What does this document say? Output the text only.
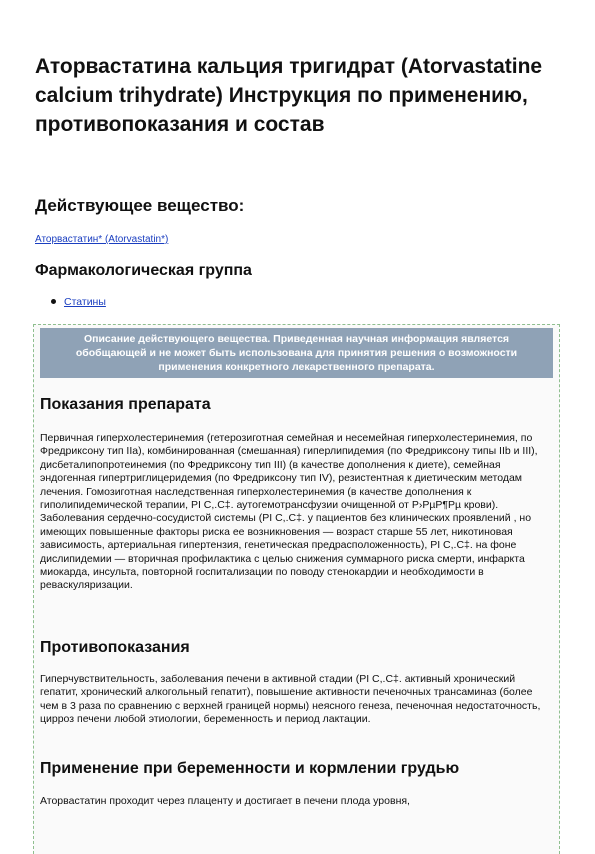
Аторвастатина кальция тригидрат (Atorvastatine calcium trihydrate) Инструкция по применению, противопоказания и состав
Действующее вещество:
Аторвастатин* (Atorvastatin*)
Фармакологическая группа
Статины
Описание действующего вещества. Приведенная научная информация является обобщающей и не может быть использована для принятия решения о возможности применения конкретного лекарственного препарата.
Показания препарата

Первичная гиперхолестеринемия (гетерозиготная семейная и несемейная гиперхолестеринемия, по Фредриксону тип IIa), комбинированная (смешанная) гиперлипидемия (по Фредриксону типы IIb и III), дисбеталипопротеинемия (по Фредриксону тип III) (в качестве дополнения к диете), семейная эндогенная гипертриглицеридемия (по Фредриксону тип IV), резистентная к диетическим методам лечения. Гомозиготная наследственная гиперхолестеринемия (в качестве дополнения к гиполипидемической терапии, РI С,.С‡. аутогемотрансфузии очищенной от Р›РµР¶Рµ крови). Заболевания сердечно-сосудистой системы (РI С,.С‡. у пациентов без клинических проявлений , но имеющих повышенные факторы риска ее возникновения — возраст старше 55 лет, никотиновая зависимость, артериальная гипертензия, генетическая предрасположенность), РI С,.С‡. на фоне дислипидемии — вторичная профилактика с целью снижения суммарного риска смерти, инфаркта миокарда, инсульта, повторной госпитализации по поводу стенокардии и необходимости в реваскуляризации.

Противопоказания

Гиперчувствительность, заболевания печени в активной стадии (РI С,.С‡. активный хронический гепатит, хронический алкогольный гепатит), повышение активности печеночных трансаминаз (более чем в 3 раза по сравнению с верхней границей нормы) неясного генеза, печеночная недостаточность, цирроз печени любой этиологии, беременность и период лактации.

Применение при беременности и кормлении грудью

Аторвастатин проходит через плаценту и достигает в печени плода уровня,
